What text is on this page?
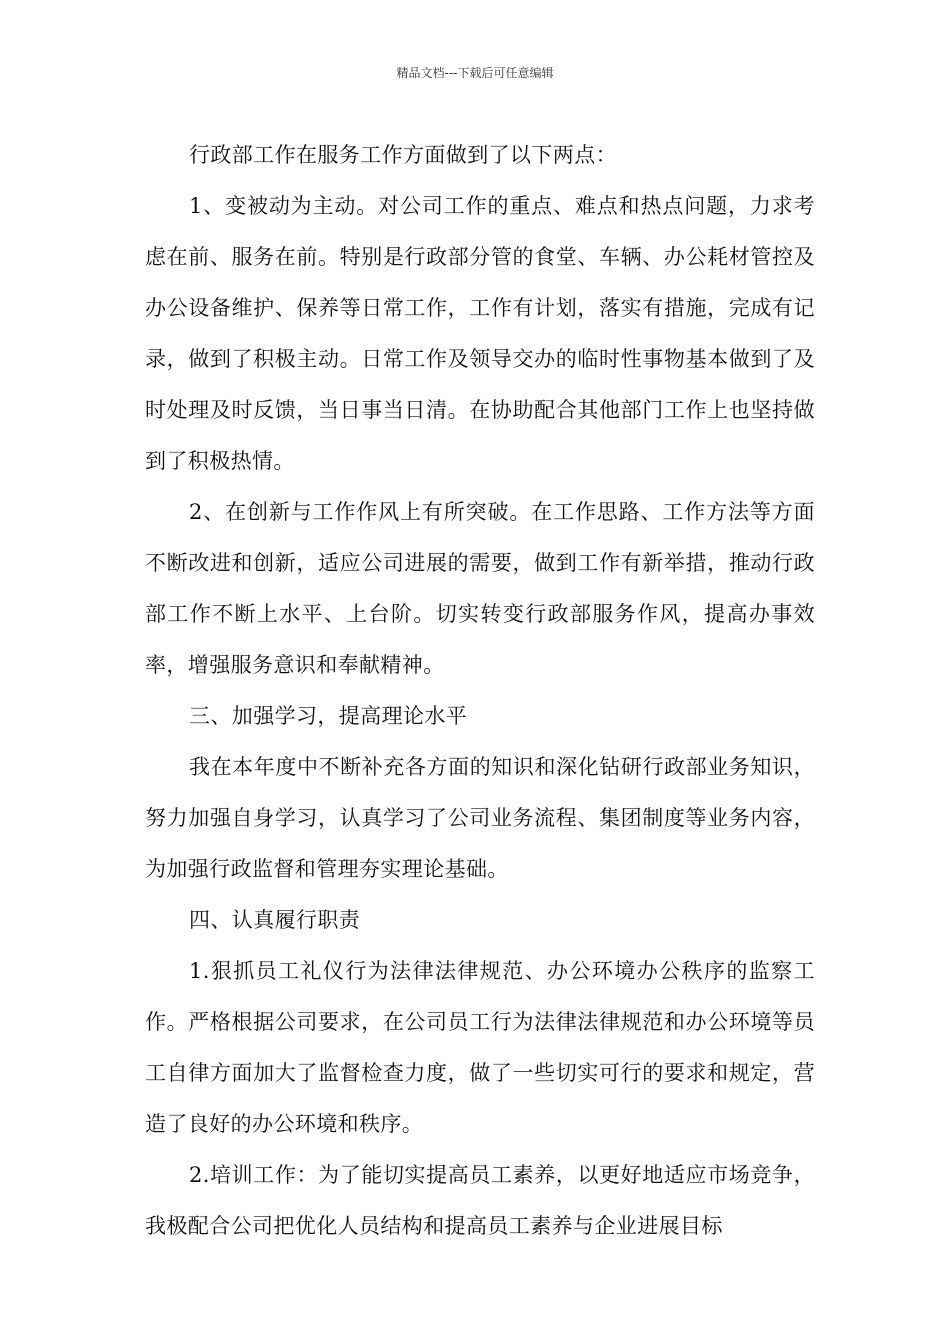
精品文档---下载后可任意编辑

行政部工作在服务工作方面做到了以下两点：

1、变被动为主动。对公司工作的重点、难点和热点问题，力求考虑在前、服务在前。特别是行政部分管的食堂、车辆、办公耗材管控及办公设备维护、保养等日常工作，工作有计划，落实有措施，完成有记录，做到了积极主动。日常工作及领导交办的临时性事物基本做到了及时处理及时反馈，当日事当日清。在协助配合其他部门工作上也坚持做到了积极热情。

2、在创新与工作作风上有所突破。在工作思路、工作方法等方面不断改进和创新，适应公司进展的需要，做到工作有新举措，推动行政部工作不断上水平、上台阶。切实转变行政部服务作风，提高办事效率，增强服务意识和奉献精神。

三、加强学习，提高理论水平

我在本年度中不断补充各方面的知识和深化钻研行政部业务知识，努力加强自身学习，认真学习了公司业务流程、集团制度等业务内容，为加强行政监督和管理夯实理论基础。

四、认真履行职责

1.狠抓员工礼仪行为法律法律规范、办公环境办公秩序的监察工作。严格根据公司要求，在公司员工行为法律法律规范和办公环境等员工自律方面加大了监督检查力度，做了一些切实可行的要求和规定，营造了良好的办公环境和秩序。

2.培训工作：为了能切实提高员工素养，以更好地适应市场竞争，我极配合公司把优化人员结构和提高员工素养与企业进展目标
